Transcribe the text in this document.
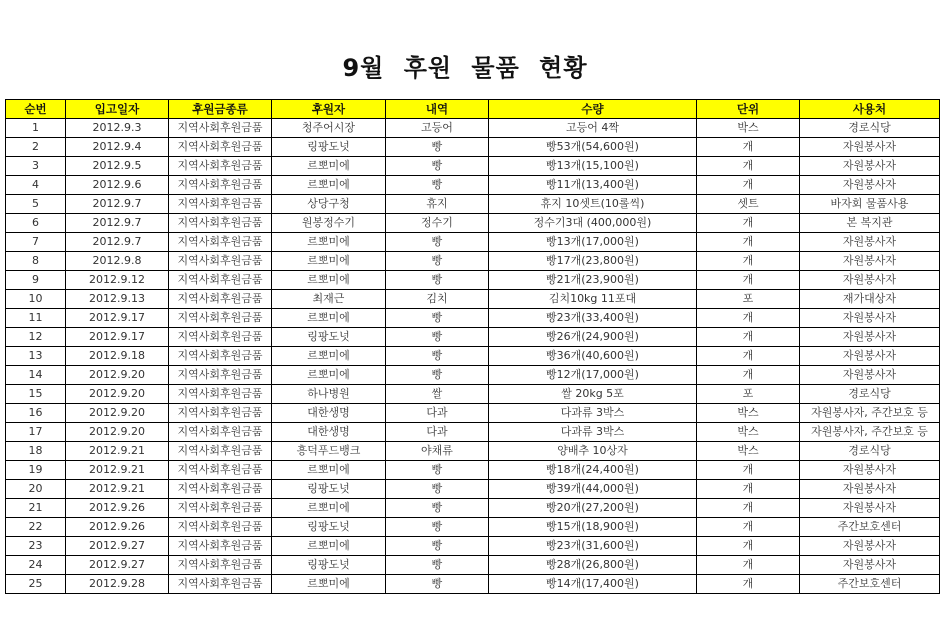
9월 후원 물품 현황
순번	입고일자	후원금종류	후원자	내역	수량	단위	사용처
1	2012.9.3	지역사회후원금품	청주어시장	고등어	고등어 4짝	박스	경로식당
2	2012.9.4	지역사회후원금품	링팡도넛	빵	빵53개(54,600원)	개	자원봉사자
3	2012.9.5	지역사회후원금품	르뽀미에	빵	빵13개(15,100원)	개	자원봉사자
4	2012.9.6	지역사회후원금품	르뽀미에	빵	빵11개(13,400원)	개	자원봉사자
5	2012.9.7	지역사회후원금품	상당구청	휴지	휴지 10셋트(10롤씩)	셋트	바자회 물품사용
6	2012.9.7	지역사회후원금품	원봉정수기	정수기	정수기3대 (400,000원)	개	본 복지관
7	2012.9.7	지역사회후원금품	르뽀미에	빵	빵13개(17,000원)	개	자원봉사자
8	2012.9.8	지역사회후원금품	르뽀미에	빵	빵17개(23,800원)	개	자원봉사자
9	2012.9.12	지역사회후원금품	르뽀미에	빵	빵21개(23,900원)	개	자원봉사자
10	2012.9.13	지역사회후원금품	최재근	김치	김치10kg 11포대	포	재가대상자
11	2012.9.17	지역사회후원금품	르뽀미에	빵	빵23개(33,400원)	개	자원봉사자
12	2012.9.17	지역사회후원금품	링팡도넛	빵	빵26개(24,900원)	개	자원봉사자
13	2012.9.18	지역사회후원금품	르뽀미에	빵	빵36개(40,600원)	개	자원봉사자
14	2012.9.20	지역사회후원금품	르뽀미에	빵	빵12개(17,000원)	개	자원봉사자
15	2012.9.20	지역사회후원금품	하나병원	쌀	쌀 20kg 5포	포	경로식당
16	2012.9.20	지역사회후원금품	대한생명	다과	다과류 3박스	박스	자원봉사자, 주간보호 등
17	2012.9.20	지역사회후원금품	대한생명	다과	다과류 3박스	박스	자원봉사자, 주간보호 등
18	2012.9.21	지역사회후원금품	흥덕푸드뱅크	야채류	양배추 10상자	박스	경로식당
19	2012.9.21	지역사회후원금품	르뽀미에	빵	빵18개(24,400원)	개	자원봉사자
20	2012.9.21	지역사회후원금품	링팡도넛	빵	빵39개(44,000원)	개	자원봉사자
21	2012.9.26	지역사회후원금품	르뽀미에	빵	빵20개(27,200원)	개	자원봉사자
22	2012.9.26	지역사회후원금품	링팡도넛	빵	빵15개(18,900원)	개	주간보호센터
23	2012.9.27	지역사회후원금품	르뽀미에	빵	빵23개(31,600원)	개	자원봉사자
24	2012.9.27	지역사회후원금품	링팡도넛	빵	빵28개(26,800원)	개	자원봉사자
25	2012.9.28	지역사회후원금품	르뽀미에	빵	빵14개(17,400원)	개	주간보호센터
